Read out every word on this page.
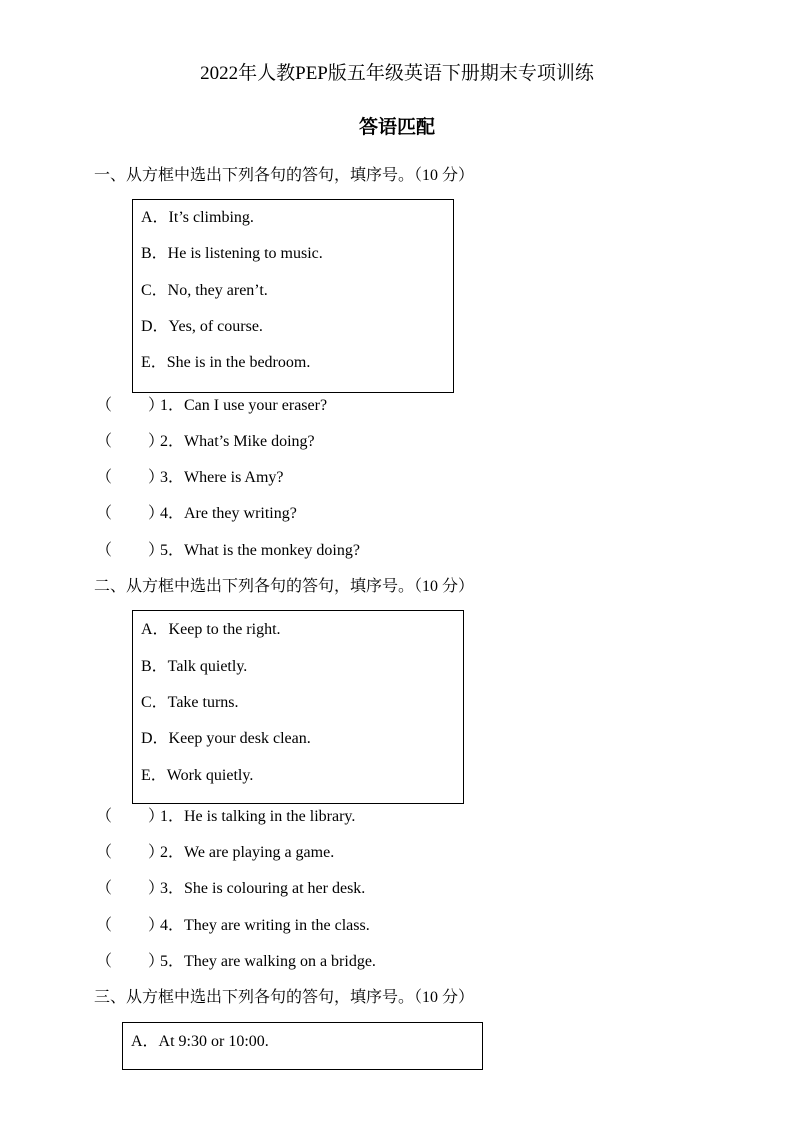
2022年人教PEP版五年级英语下册期末专项训练
答语匹配
一、从方框中选出下列各句的答句，填序号。（10 分）
A．It’s climbing.
B．He is listening to music.
C．No, they aren’t.
D．Yes, of course.
E．She is in the bedroom.
（ ）
1．Can I use your eraser?
（ ）
2．What’s Mike doing?
（ ）
3．Where is Amy?
（ ）
4．Are they writing?
（ ）
5．What is the monkey doing?
二、从方框中选出下列各句的答句，填序号。（10 分）
A．Keep to the right.
B．Talk quietly.
C．Take turns.
D．Keep your desk clean.
E．Work quietly.
（ ）
1．He is talking in the library.
（ ）
2．We are playing a game.
（ ）
3．She is colouring at her desk.
（ ）
4．They are writing in the class.
（ ）
5．They are walking on a bridge.
三、从方框中选出下列各句的答句，填序号。（10 分）
A．At 9:30 or 10:00.
